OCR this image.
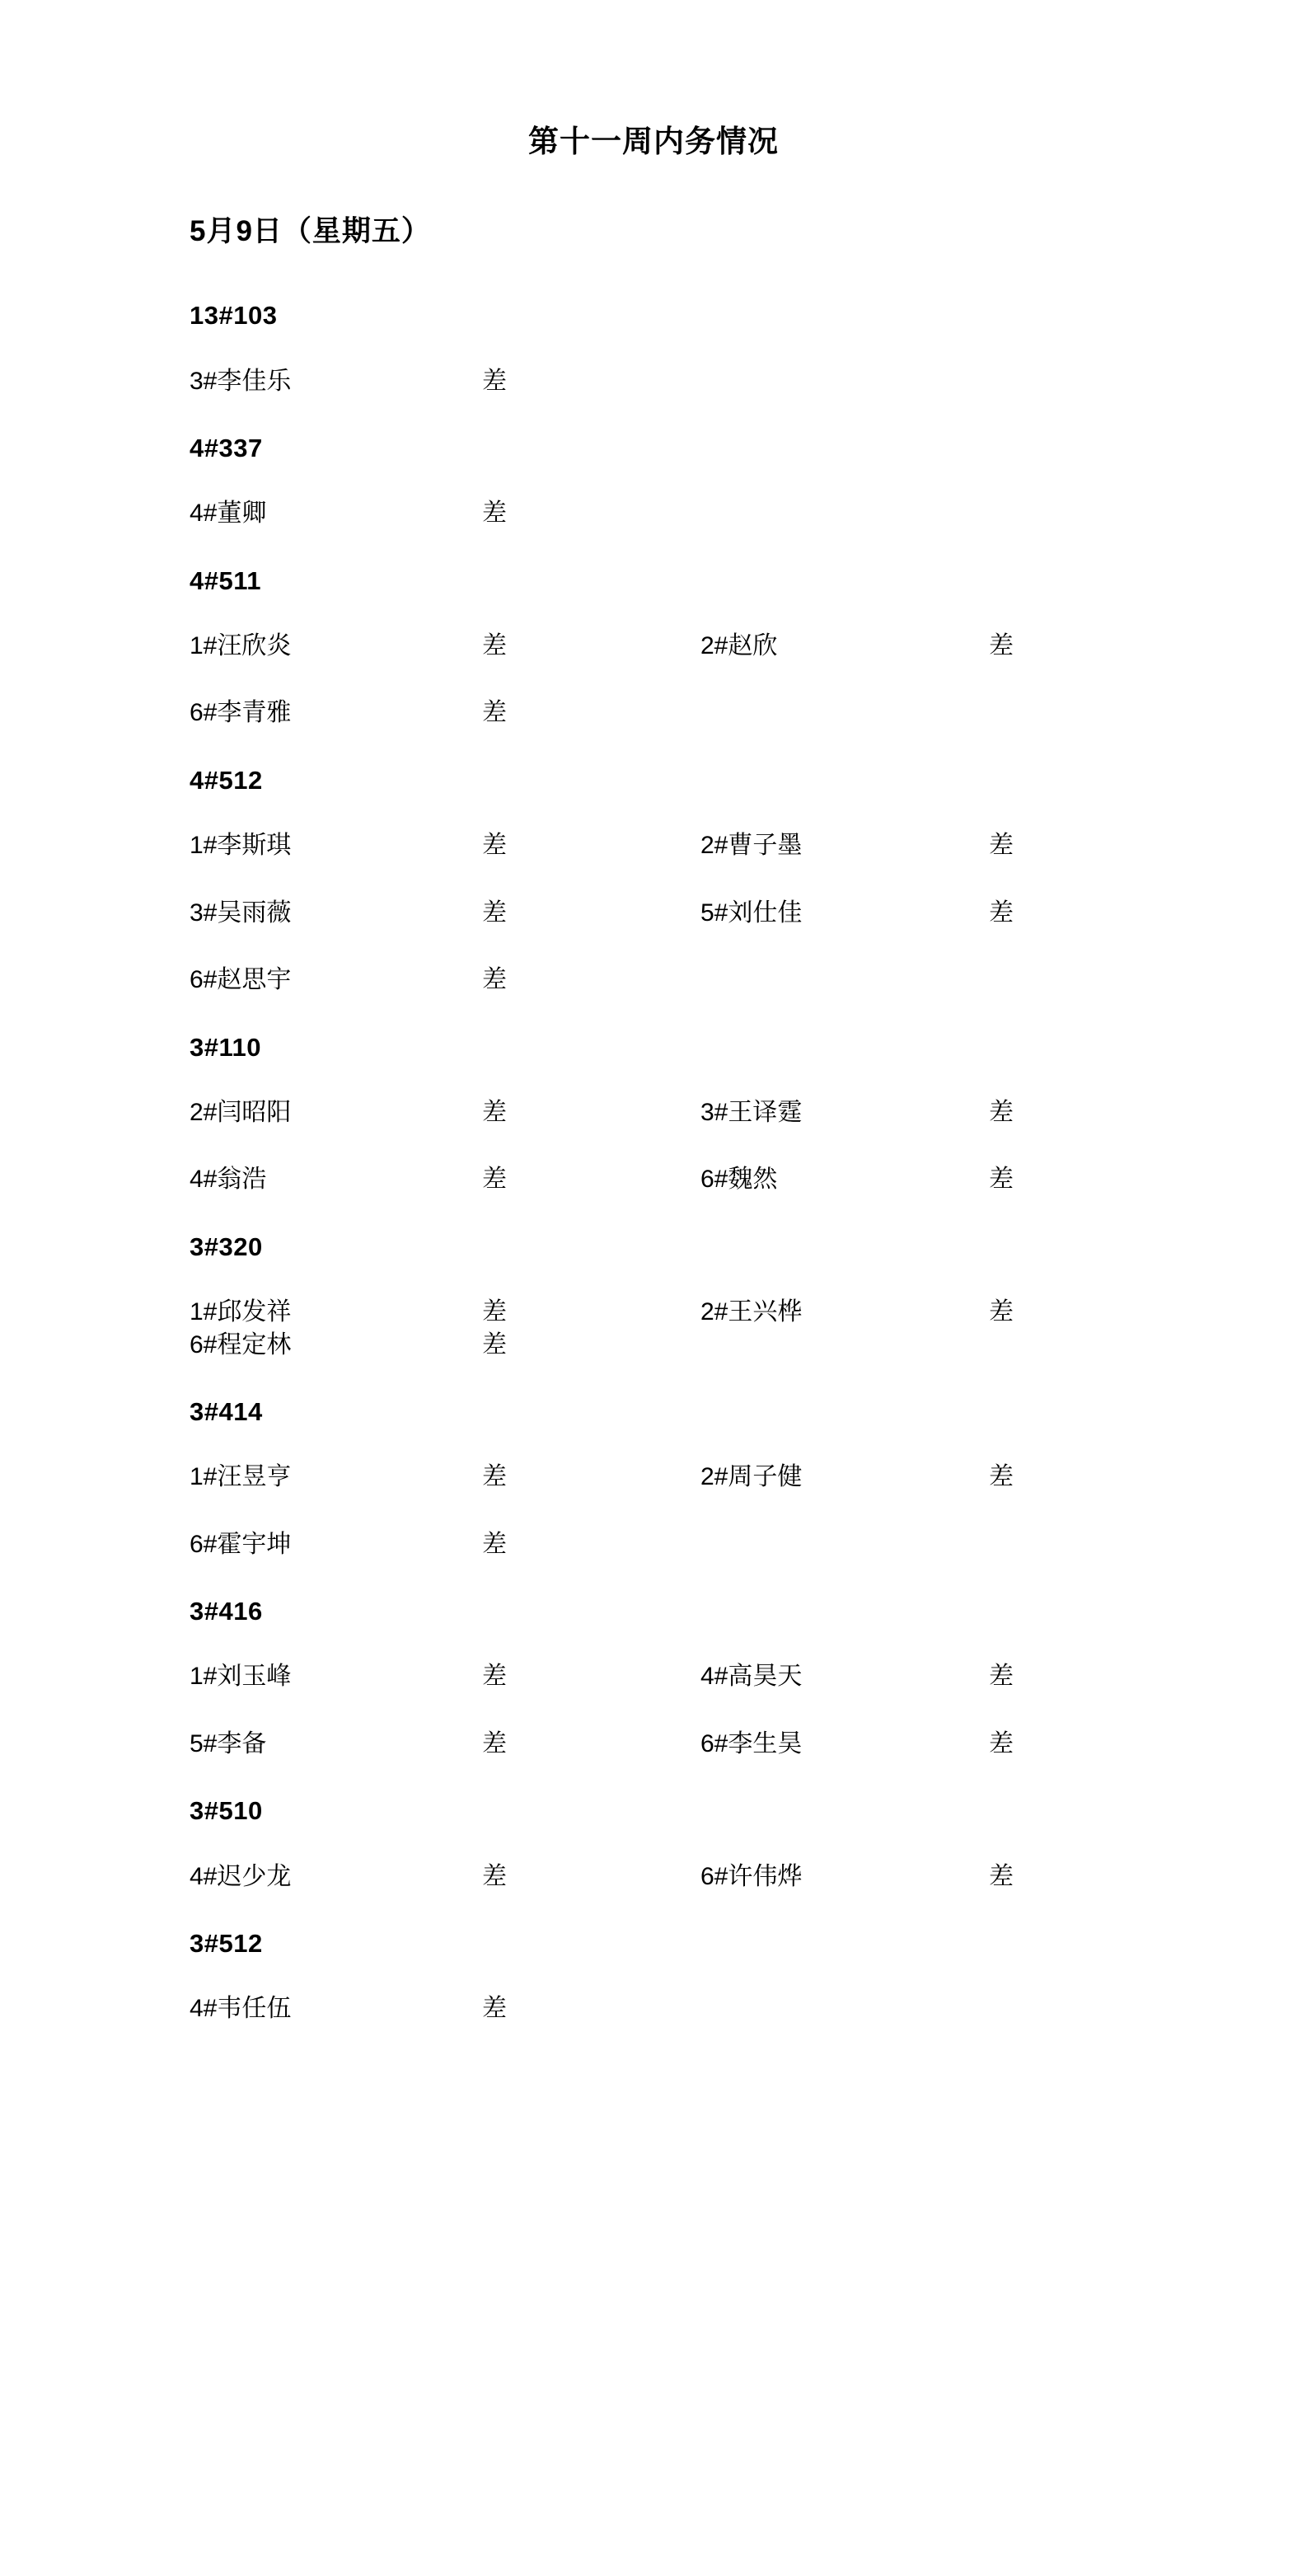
第十一周内务情况
5月9日（星期五）
13#103
3#李佳乐	差
4#337
4#董卿	差
4#511
1#汪欣炎	差	2#赵欣	差
6#李青雅	差
4#512
1#李斯琪	差	2#曹子墨	差
3#吴雨薇	差	5#刘仕佳	差
6#赵思宇	差
3#110
2#闫昭阳	差	3#王译霆	差
4#翁浩	差	6#魏然	差
3#320
1#邱发祥	差	2#王兴桦	差
6#程定林	差
3#414
1#汪昱亨	差	2#周子健	差
6#霍宇坤	差
3#416
1#刘玉峰	差	4#高昊天	差
5#李备	差	6#李生昊	差
3#510
4#迟少龙	差	6#许伟烨	差
3#512
4#韦任伍	差
